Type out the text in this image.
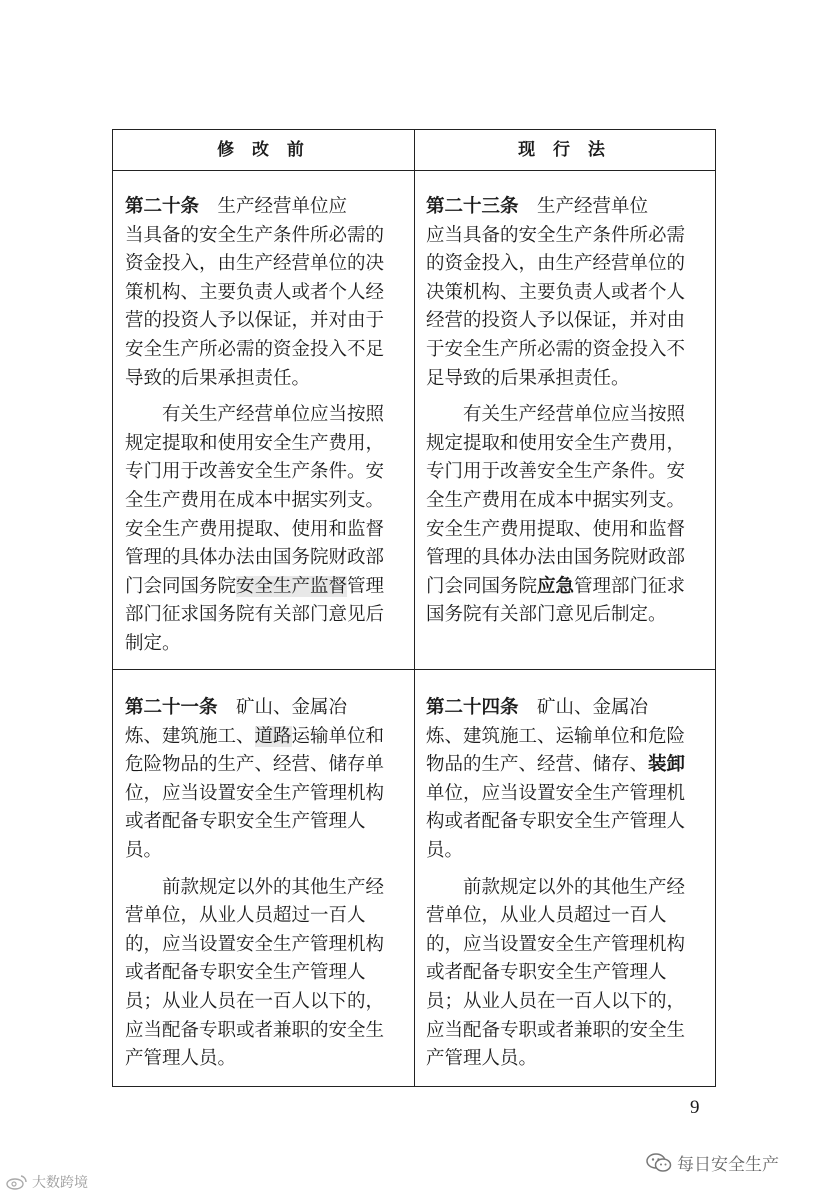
修 改 前	现 行 法
第二十条　生产经营单位应
当具备的安全生产条件所必需的
资金投入，由生产经营单位的决
策机构、主要负责人或者个人经
营的投资人予以保证，并对由于
安全生产所必需的资金投入不足
导致的后果承担责任。
有关生产经营单位应当按照
规定提取和使用安全生产费用，
专门用于改善安全生产条件。安
全生产费用在成本中据实列支。
安全生产费用提取、使用和监督
管理的具体办法由国务院财政部
门会同国务院安全生产监督管理
部门征求国务院有关部门意见后
制定。
第二十三条　生产经营单位
应当具备的安全生产条件所必需
的资金投入，由生产经营单位的
决策机构、主要负责人或者个人
经营的投资人予以保证，并对由
于安全生产所必需的资金投入不
足导致的后果承担责任。
有关生产经营单位应当按照
规定提取和使用安全生产费用，
专门用于改善安全生产条件。安
全生产费用在成本中据实列支。
安全生产费用提取、使用和监督
管理的具体办法由国务院财政部
门会同国务院应急管理部门征求
国务院有关部门意见后制定。
第二十一条　矿山、金属冶
炼、建筑施工、道路运输单位和
危险物品的生产、经营、储存单
位，应当设置安全生产管理机构
或者配备专职安全生产管理人
员。
前款规定以外的其他生产经
营单位，从业人员超过一百人
的，应当设置安全生产管理机构
或者配备专职安全生产管理人
员；从业人员在一百人以下的，
应当配备专职或者兼职的安全生
产管理人员。
第二十四条　矿山、金属冶
炼、建筑施工、运输单位和危险
物品的生产、经营、储存、装卸
单位，应当设置安全生产管理机
构或者配备专职安全生产管理人
员。
前款规定以外的其他生产经
营单位，从业人员超过一百人
的，应当设置安全生产管理机构
或者配备专职安全生产管理人
员；从业人员在一百人以下的，
应当配备专职或者兼职的安全生
产管理人员。
9
每日安全生产
大数跨境
